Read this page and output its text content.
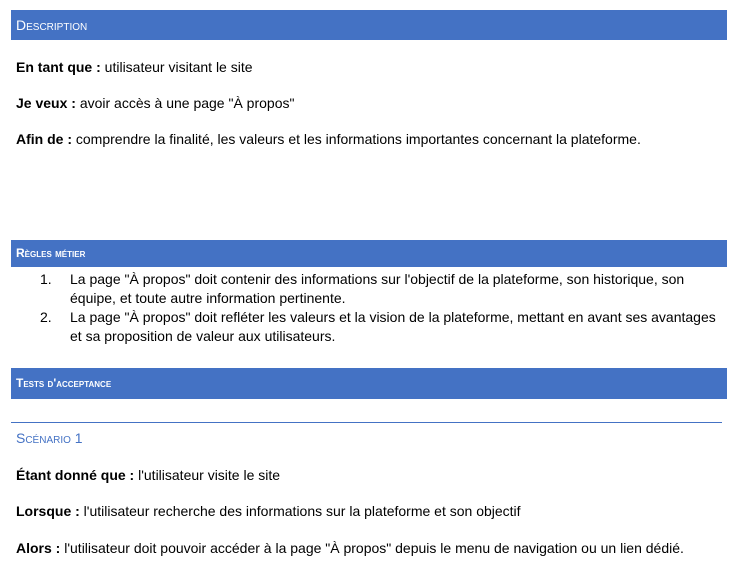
Description
En tant que : utilisateur visitant le site
Je veux : avoir accès à une page "À propos"
Afin de : comprendre la finalité, les valeurs et les informations importantes concernant la plateforme.
Règles métier
1. La page "À propos" doit contenir des informations sur l'objectif de la plateforme, son historique, son équipe, et toute autre information pertinente.
2. La page "À propos" doit refléter les valeurs et la vision de la plateforme, mettant en avant ses avantages et sa proposition de valeur aux utilisateurs.
Tests d'acceptance
Scénario 1
Étant donné que : l'utilisateur visite le site
Lorsque : l'utilisateur recherche des informations sur la plateforme et son objectif
Alors : l'utilisateur doit pouvoir accéder à la page "À propos" depuis le menu de navigation ou un lien dédié.
